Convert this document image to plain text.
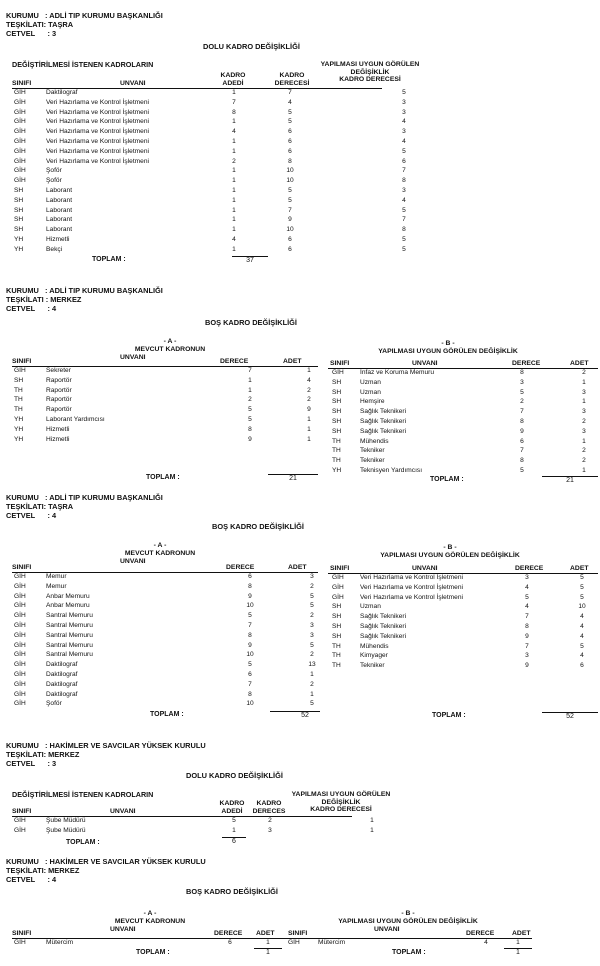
KURUMU : ADLİ TIP KURUMU BAŞKANLIĞI
TEŞKİLATI: TAŞRA
CETVEL : 3
DOLU KADRO DEĞİŞİKLİĞİ
DEĞİŞTİRİLMESİ İSTENEN KADROLARIN	YAPILMASI UYGUN GÖRÜLEN
DEĞİŞİKLİK
KADRO DERECESİ
KADRO
ADEDİ
KADRO
DERECESİ
SINIFI	UNVANI
GİH	Daktilograf	1	7	5
GİH	Veri Hazırlama ve Kontrol İşletmeni	7	4	3
GİH	Veri Hazırlama ve Kontrol İşletmeni	8	5	3
GİH	Veri Hazırlama ve Kontrol İşletmeni	1	5	4
GİH	Veri Hazırlama ve Kontrol İşletmeni	4	6	3
GİH	Veri Hazırlama ve Kontrol İşletmeni	1	6	4
GİH	Veri Hazırlama ve Kontrol İşletmeni	1	6	5
GİH	Veri Hazırlama ve Kontrol İşletmeni	2	8	6
GİH	Şoför	1	10	7
GİH	Şoför	1	10	8
SH	Laborant	1	5	3
SH	Laborant	1	5	4
SH	Laborant	1	7	5
SH	Laborant	1	9	7
SH	Laborant	1	10	8
YH	Hizmetli	4	6	5
YH	Bekçi	1	6	5
TOPLAM :	37
KURUMU : ADLİ TIP KURUMU BAŞKANLIĞI
TEŞKİLATI : MERKEZ
CETVEL : 4
BOŞ KADRO DEĞİŞİKLİĞİ
- A -
MEVCUT KADRONUN
SINIFI
UNVANI
DERECE	ADET
- B -
YAPILMASI UYGUN GÖRÜLEN DEĞİŞİKLİK
SINIFI	UNVANI	DERECE	ADET
GİH	Sekreter	7	1
SH	Raportör	1	4
TH	Raportör	1	2
TH	Raportör	2	2
TH	Raportör	5	9
YH	Laborant Yardımcısı	5	1
YH	Hizmetli	8	1
YH	Hizmetli	9	1
GİH İnfaz ve Koruma Memuru	8	2
SH	Uzman	3	1
SH	Uzman	5	3
SH	Hemşire	2	1
SH	Sağlık Teknikeri	7	3
SH	Sağlık Teknikeri	8	2
SH	Sağlık Teknikeri	9	3
TH	Mühendis	6	1
TH	Tekniker	7	2
TH	Tekniker	8	2
YH	Teknisyen Yardımcısı	5	1
TOPLAM :	21	TOPLAM :	21
KURUMU : ADLİ TIP KURUMU BAŞKANLIĞI
TEŞKİLATI: TAŞRA
CETVEL : 4
BOŞ KADRO DEĞİŞİKLİĞİ
- A -
MEVCUT KADRONUN
SINIFI
UNVANI
DERECE	ADET
- B -
YAPILMASI UYGUN GÖRÜLEN DEĞİŞİKLİK
SINIFI	UNVANI	DERECE	ADET
GİH	Memur	6	3
GİH	Memur	8	2
GİH	Anbar Memuru	9	5
GİH	Anbar Memuru	10	5
GİH	Santral Memuru	5	2
GİH	Santral Memuru	7	3
GİH	Santral Memuru	8	3
GİH	Santral Memuru	9	5
GİH	Santral Memuru	10	2
GİH	Daktilograf	5	13
GİH	Daktilograf	6	1
GİH	Daktilograf	7	2
GİH	Daktilograf	8	1
GİH	Şoför	10	5
GİH Veri Hazırlama ve Kontrol İşletmeni	3	5
GİH Veri Hazırlama ve Kontrol İşletmeni	4	5
GİH Veri Hazırlama ve Kontrol İşletmeni	5	5
SH	Uzman	4	10
SH	Sağlık Teknikeri	7	4
SH	Sağlık Teknikeri	8	4
SH	Sağlık Teknikeri	9	4
TH	Mühendis	7	5
TH	Kimyager	3	4
TH	Tekniker	9	6
TOPLAM :	52	TOPLAM :	52
KURUMU : HAKİMLER VE SAVCILAR YÜKSEK KURULU
TEŞKİLATI: MERKEZ
CETVEL : 3
DOLU KADRO DEĞİŞİKLİĞİ
DEĞİŞTİRİLMESİ İSTENEN KADROLARIN	YAPILMASI UYGUN GÖRÜLEN
DEĞİŞİKLİK
KADRO DERECESİ
KADRO
ADEDİ
KADRO
DERECES
SINIFI	UNVANI
GİH	Şube Müdürü	5	2	1
GİH	Şube Müdürü	1	3	1
TOPLAM :	6
KURUMU : HAKİMLER VE SAVCILAR YÜKSEK KURULU
TEŞKİLATI: MERKEZ
CETVEL : 4
BOŞ KADRO DEĞİŞİKLİĞİ
- A -
MEVCUT KADRONUN
SINIFI
UNVANI
DERECE ADET
- B -
YAPILMASI UYGUN GÖRÜLEN DEĞİŞİKLİK
SINIFI
UNVANI
DERECE	ADET
GİH	Mütercim	6	1	GİH	Mütercim	4	1
TOPLAM :	1	TOPLAM :	1
